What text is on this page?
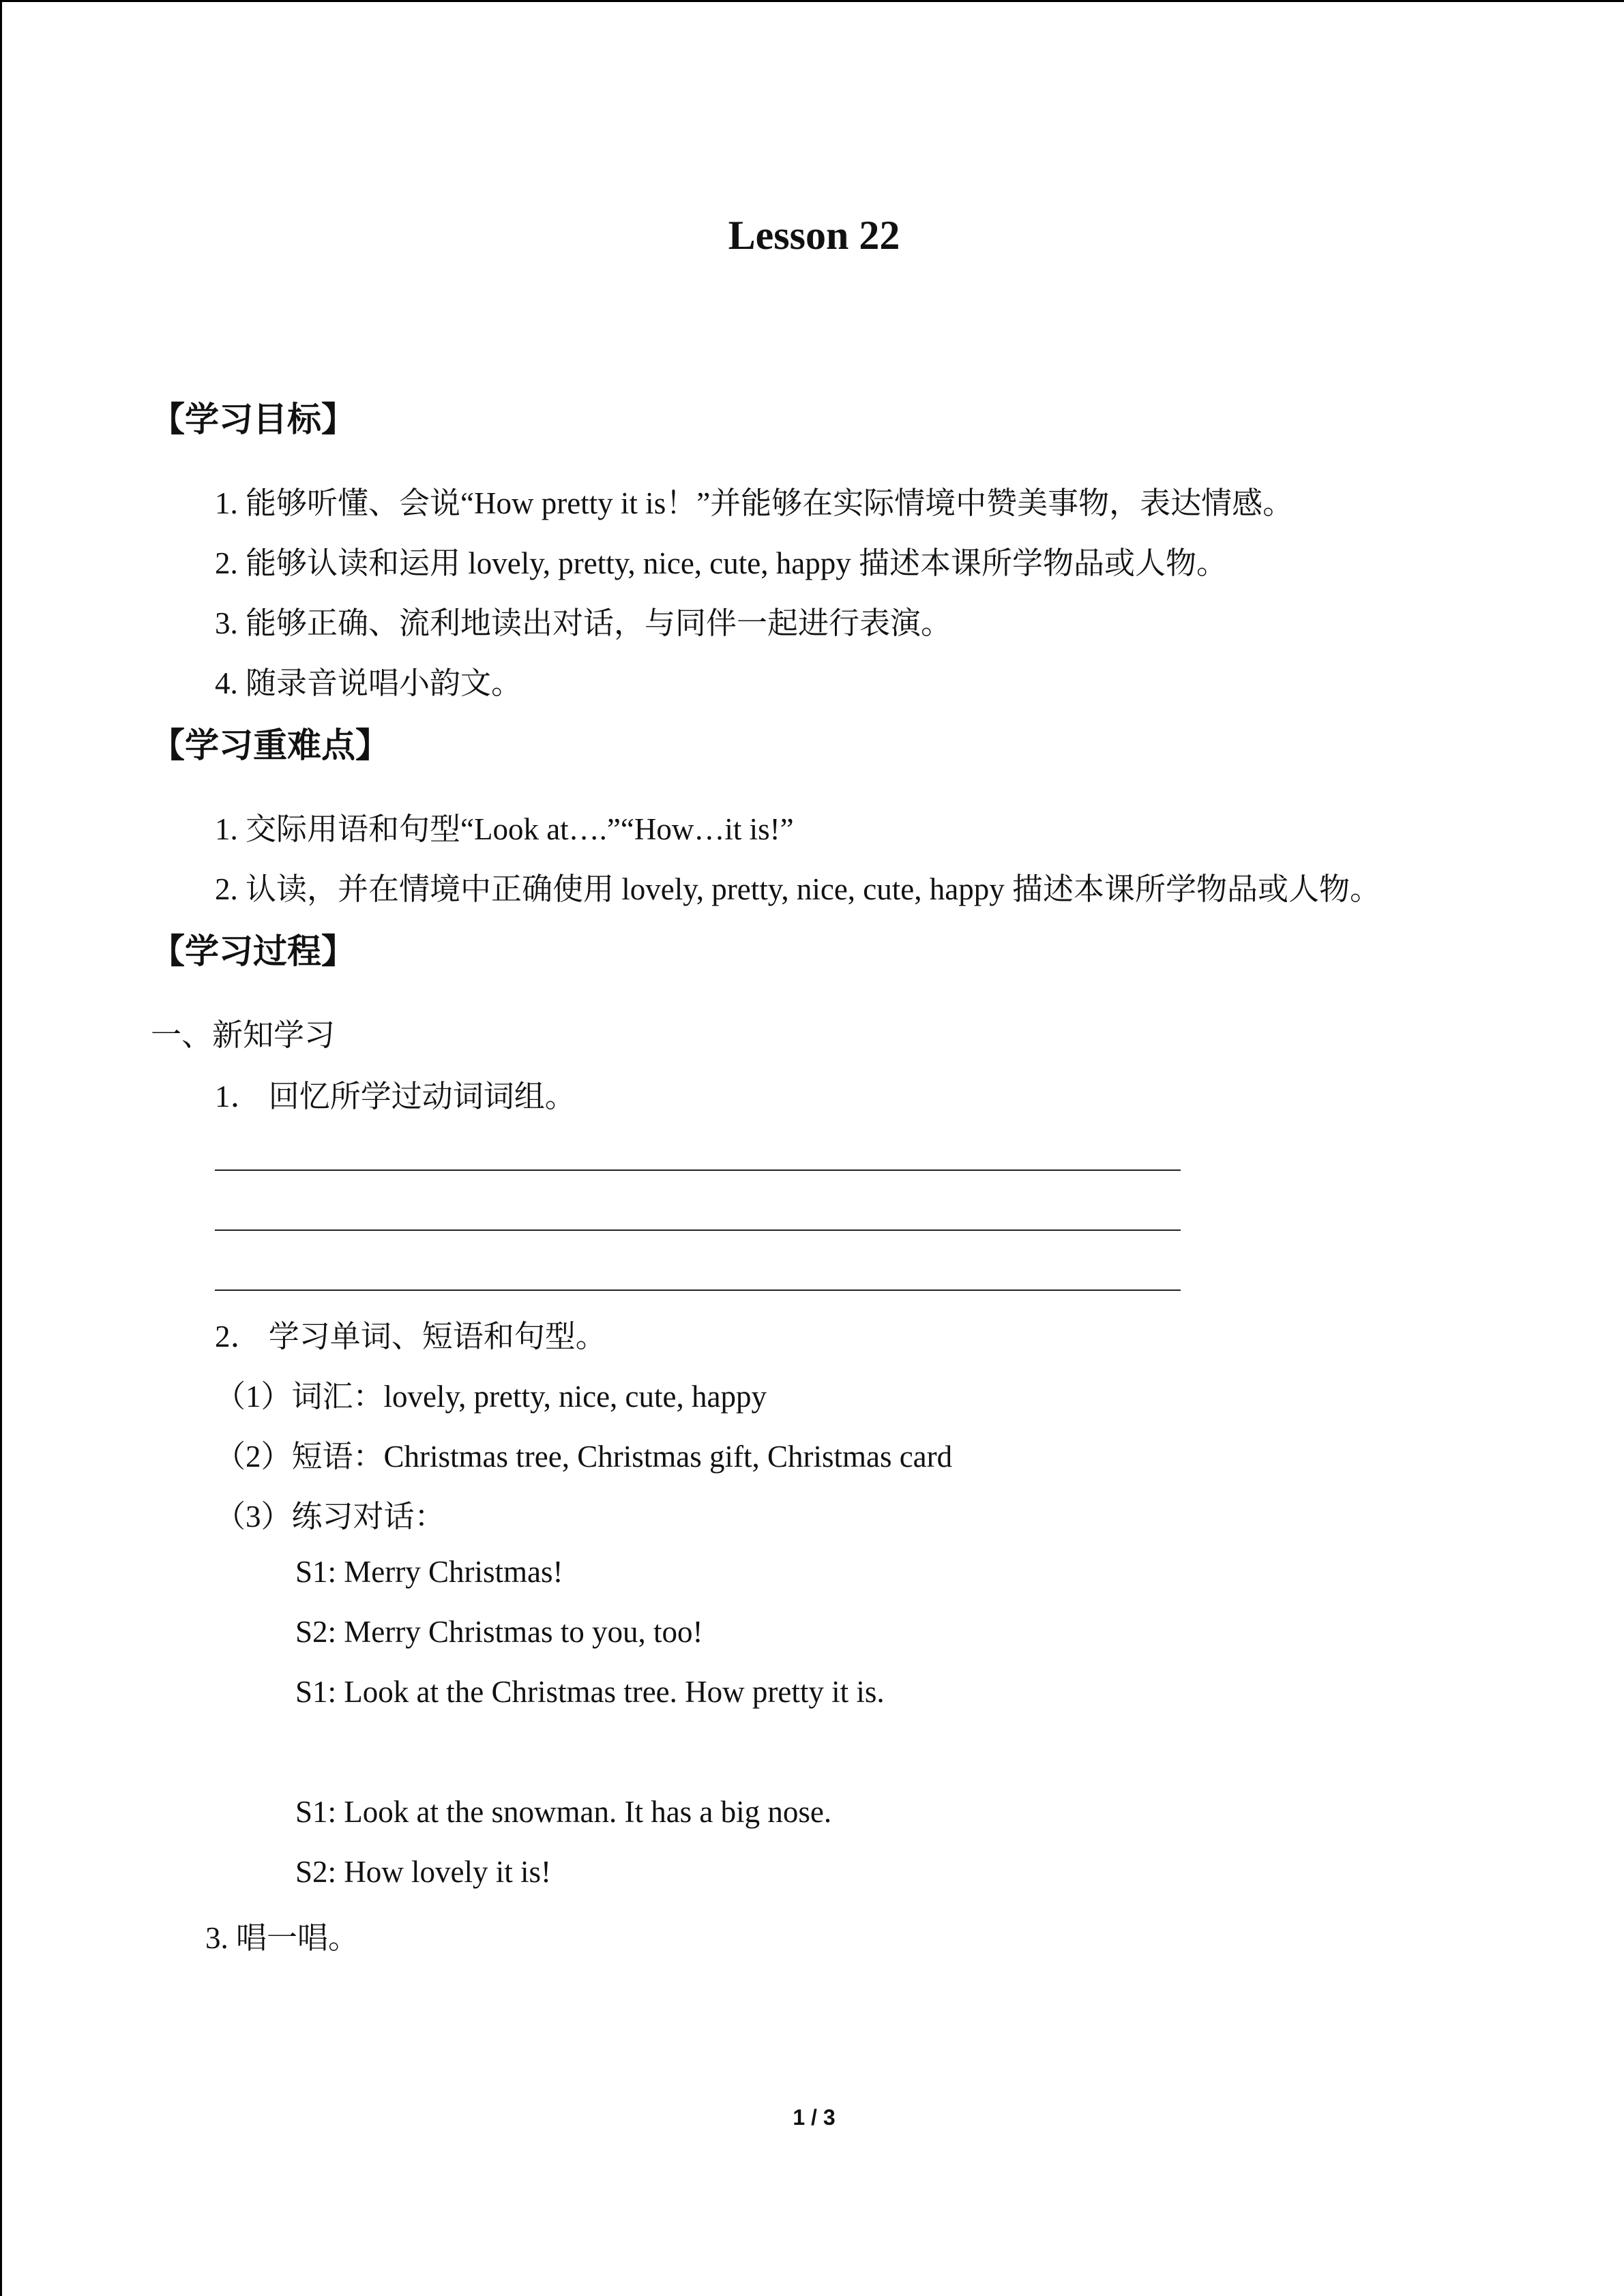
Lesson 22
【学习目标】
1. 能够听懂、会说“How pretty it is！”并能够在实际情境中赞美事物，表达情感。
2. 能够认读和运用 lovely, pretty, nice, cute, happy 描述本课所学物品或人物。
3. 能够正确、流利地读出对话，与同伴一起进行表演。
4. 随录音说唱小韵文。
【学习重难点】
1. 交际用语和句型“Look at….”“How…it is!”
2. 认读，并在情境中正确使用 lovely, pretty, nice, cute, happy 描述本课所学物品或人物。
【学习过程】
一、新知学习
1． 回忆所学过动词词组。
2． 学习单词、短语和句型。
（1）词汇：lovely, pretty, nice, cute, happy
（2）短语：Christmas tree, Christmas gift, Christmas card
（3）练习对话：
S1: Merry Christmas!
S2: Merry Christmas to you, too!
S1: Look at the Christmas tree. How pretty it is.
S1: Look at the snowman. It has a big nose.
S2: How lovely it is!
3. 唱一唱。
1 / 3
